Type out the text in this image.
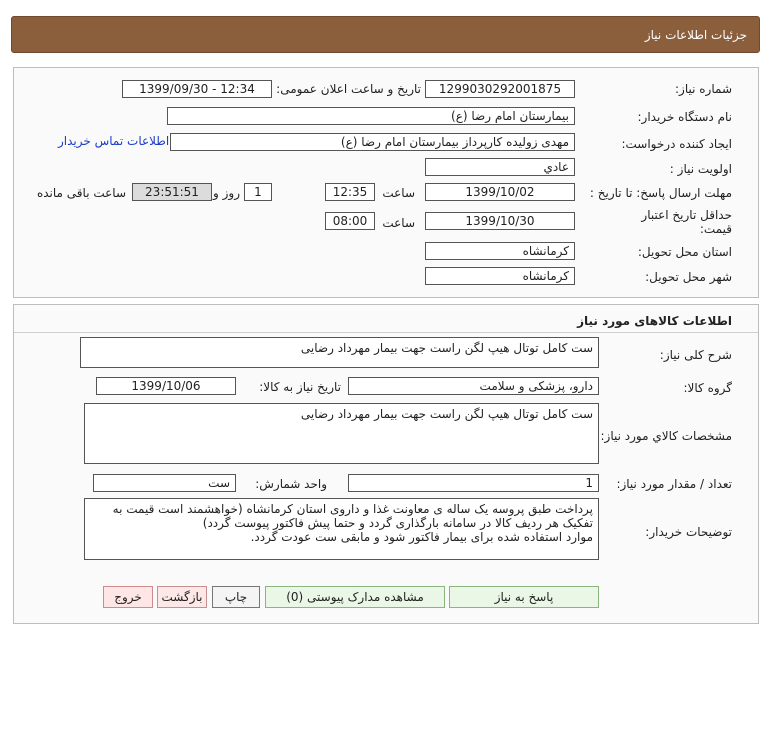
جزئیات اطلاعات نیاز
شماره نیاز:
1299030292001875
تاریخ و ساعت اعلان عمومی:
1399/09/30 - 12:34
نام دستگاه خریدار:
بیمارستان امام رضا (ع)
ایجاد کننده درخواست:
مهدی زولیده کارپرداز بیمارستان امام رضا (ع)
اطلاعات تماس خریدار
اولویت نیاز :
عادي
مهلت ارسال پاسخ: تا تاریخ :
1399/10/02
ساعت
12:35
1
روز و
23:51:51
ساعت باقی مانده
حداقل تاریخ اعتبار
قیمت:
1399/10/30
ساعت
08:00
استان محل تحویل:
کرمانشاه
شهر محل تحویل:
کرمانشاه
اطلاعات کالاهای مورد نیاز
شرح کلی نیاز:
ست کامل توتال هیپ لگن راست جهت بیمار مهرداد رضایی
گروه کالا:
دارو، پزشکی و سلامت
تاریخ نیاز به کالا:
1399/10/06
مشخصات کالاي مورد نیاز:
ست کامل توتال هیپ لگن راست جهت بیمار مهرداد رضایی
تعداد / مقدار مورد نیاز:
1
واحد شمارش:
ست
توضیحات خریدار:
پرداخت طبق پروسه یک ساله ی معاونت غذا و داروی استان کرمانشاه (خواهشمند است قیمت به تفکیک هر ردیف کالا در سامانه بارگذاری گردد و حتما پیش فاکتور پیوست گردد)
موارد استفاده شده برای بیمار فاکتور شود و مابقی ست عودت گردد.
پاسخ به نیاز
مشاهده مدارک پیوستی (0)
چاپ
بازگشت
خروج
